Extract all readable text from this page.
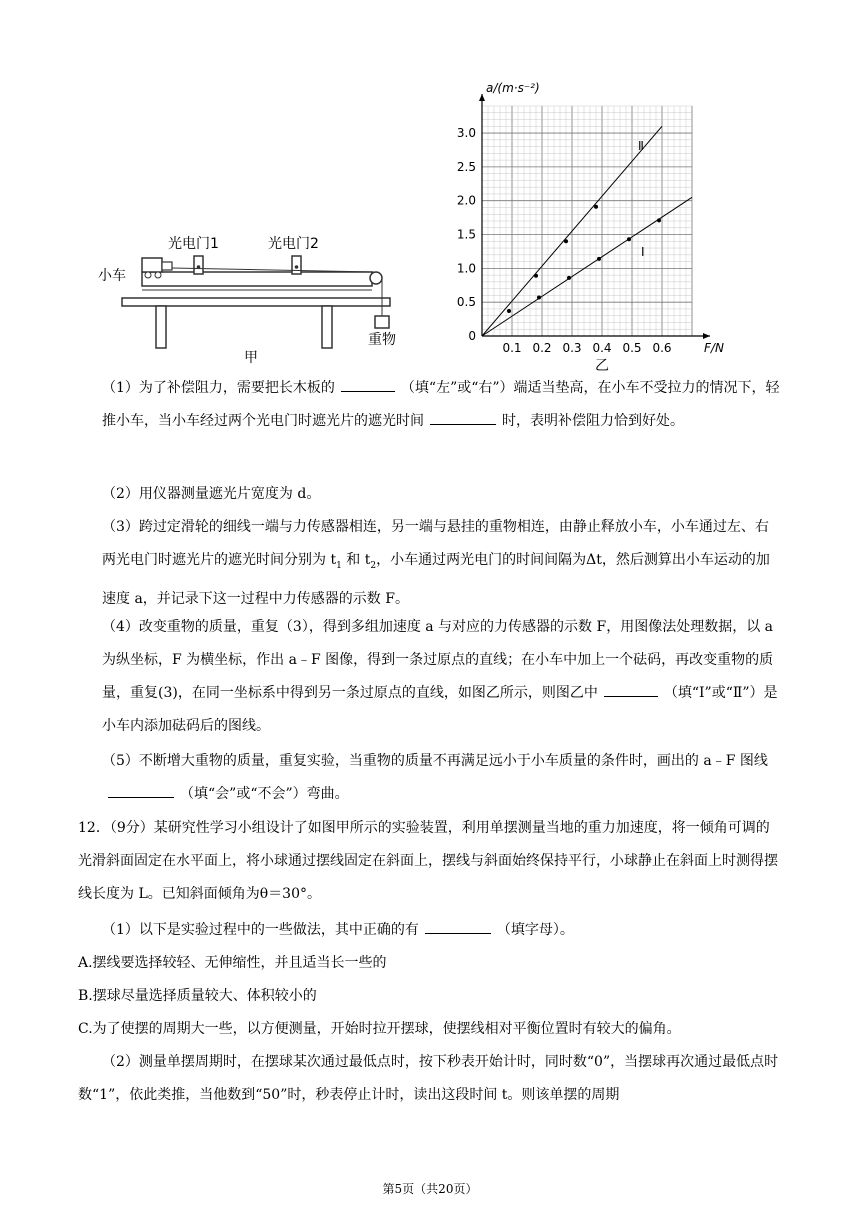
光电门1	光电门2
小车
重物
甲
0.1 0.2 0.3 0.4 0.5 0.6
0
0.5
1.0
1.5
2.0
2.5
3.0
a/(m·s⁻²)
F/N
乙
Ⅱ
Ⅰ
（1）为了补偿阻力，需要把长木板的	（填“左”或“右”）端适当垫高，在小车不受拉力的情况下，轻推小车，当小车经过两个光电门时遮光片的遮光时间	时，表明补偿阻力恰到好处。
（2）用仪器测量遮光片宽度为 d。
（3）跨过定滑轮的细线一端与力传感器相连，另一端与悬挂的重物相连，由静止释放小车，小车通过左、右两光电门时遮光片的遮光时间分别为 $t_1$ 和 $t_2$，小车通过两光电门的时间间隔为Δt，然后测算出小车运动的加速度 a，并记录下这一过程中力传感器的示数 F。
（4）改变重物的质量，重复（3），得到多组加速度 a 与对应的力传感器的示数 F，用图像法处理数据，以 a 为纵坐标，F 为横坐标，作出 a﹣F 图像，得到一条过原点的直线；在小车中加上一个砝码，再改变重物的质量，重复(3)，在同一坐标系中得到另一条过原点的直线，如图乙所示，则图乙中	（填“Ⅰ”或“Ⅱ”）是小车内添加砝码后的图线。
（5）不断增大重物的质量，重复实验，当重物的质量不再满足远小于小车质量的条件时，画出的 a﹣F 图线（填“会”或“不会”）弯曲。
12．（9分）某研究性学习小组设计了如图甲所示的实验装置，利用单摆测量当地的重力加速度，将一倾角可调的光滑斜面固定在水平面上，将小球通过摆线固定在斜面上，摆线与斜面始终保持平行，小球静止在斜面上时测得摆线长度为 L。已知斜面倾角为θ＝30°。
（1）以下是实验过程中的一些做法，其中正确的有	（填字母）。
A.摆线要选择较轻、无伸缩性，并且适当长一些的
B.摆球尽量选择质量较大、体积较小的
C.为了使摆的周期大一些，以方便测量，开始时拉开摆球，使摆线相对平衡位置时有较大的偏角。
（2）测量单摆周期时，在摆球某次通过最低点时，按下秒表开始计时，同时数“0”，当摆球再次通过最低点时数“1”，依此类推，当他数到“50”时，秒表停止计时，读出这段时间 t。则该单摆的周期
第5页（共20页）
